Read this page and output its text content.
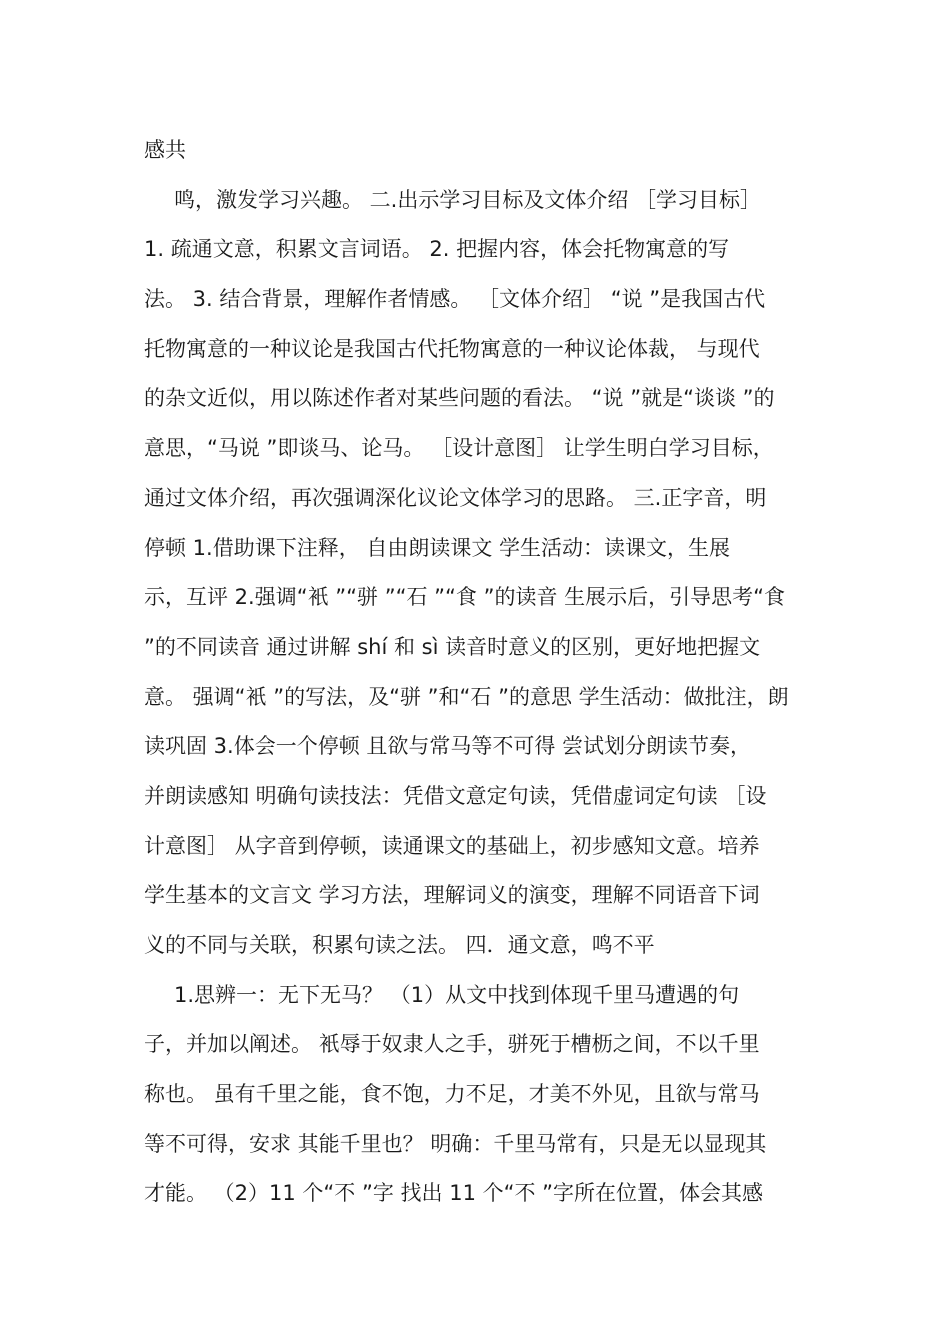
感共
鸣，激发学习兴趣。 二.出示学习目标及文体介绍 ［学习目标］
1. 疏通文意，积累文言词语。 2. 把握内容，体会托物寓意的写
法。 3. 结合背景，理解作者情感。 ［文体介绍］ “说 ”是我国古代
托物寓意的一种议论是我国古代托物寓意的一种议论体裁， 与现代
的杂文近似，用以陈述作者对某些问题的看法。 “说 ”就是“谈谈 ”的
意思，“马说 ”即谈马、论马。 ［设计意图］ 让学生明白学习目标，
通过文体介绍，再次强调深化议论文体学习的思路。 三.正字音，明
停顿 1.借助课下注释， 自由朗读课文 学生活动：读课文，生展
示，互评 2.强调“衹 ”“骈 ”“石 ”“食 ”的读音 生展示后，引导思考“食
”的不同读音 通过讲解 shí 和 sì 读音时意义的区别，更好地把握文
意。 强调“衹 ”的写法，及“骈 ”和“石 ”的意思 学生活动：做批注，朗
读巩固 3.体会一个停顿 且欲与常马等不可得 尝试划分朗读节奏，
并朗读感知 明确句读技法：凭借文意定句读，凭借虚词定句读 ［设
计意图］ 从字音到停顿，读通课文的基础上，初步感知文意。培养
学生基本的文言文 学习方法，理解词义的演变，理解不同语音下词
义的不同与关联，积累句读之法。 四．通文意，鸣不平
1.思辨一：无下无马？ （1）从文中找到体现千里马遭遇的句
子，并加以阐述。 衹辱于奴隶人之手，骈死于槽枥之间，不以千里
称也。 虽有千里之能，食不饱，力不足，才美不外见，且欲与常马
等不可得，安求 其能千里也？ 明确：千里马常有，只是无以显现其
才能。 （2）11 个“不 ”字 找出 11 个“不 ”字所在位置，体会其感
